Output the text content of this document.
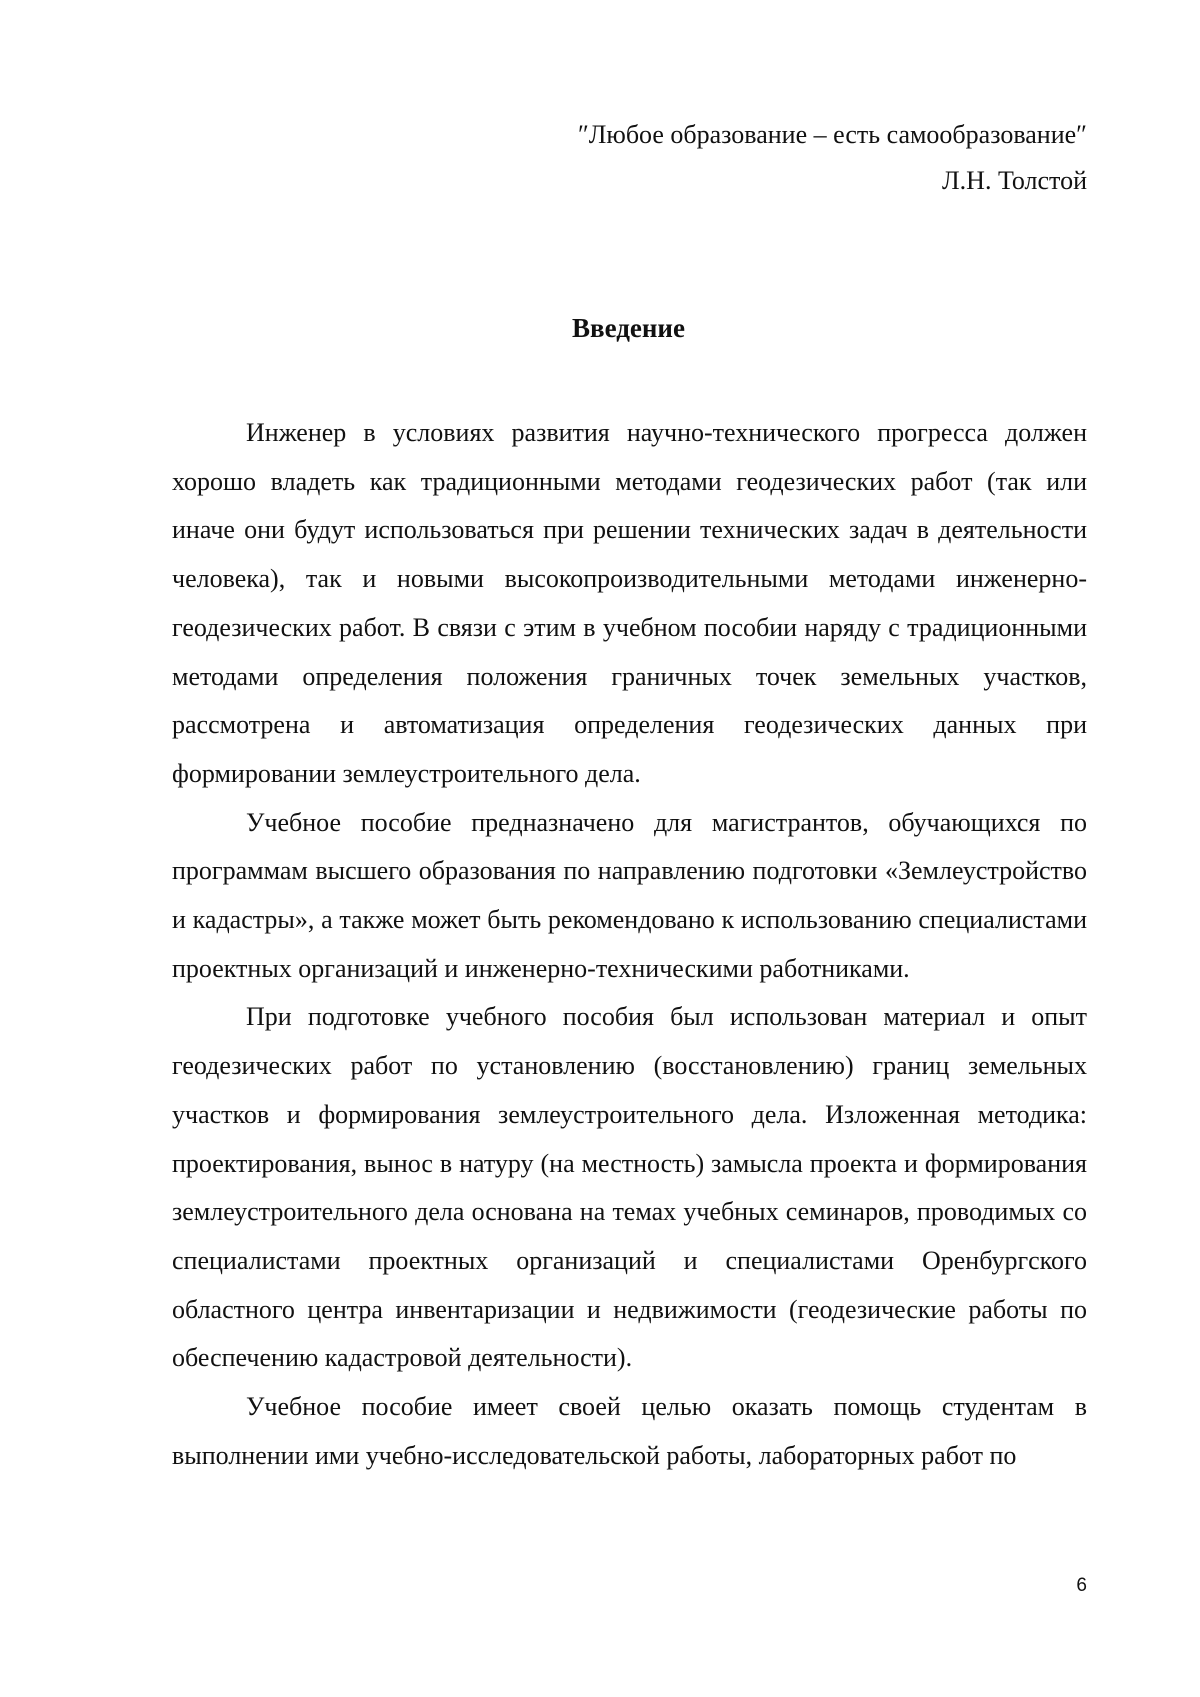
″Любое образование – есть самообразование″
Л.Н. Толстой
Введение

Инженер в условиях развития научно-технического прогресса должен хорошо владеть как традиционными методами геодезических работ (так или иначе они будут использоваться при решении технических задач в деятельности человека), так и новыми высокопроизводительными методами инженерно-геодезических работ. В связи с этим в учебном пособии наряду с традиционными методами определения положения граничных точек земельных участков, рассмотрена и автоматизация определения геодезических данных при формировании землеустроительного дела.

Учебное пособие предназначено для магистрантов, обучающихся по программам высшего образования по направлению подготовки «Землеустройство и кадастры», а также может быть рекомендовано к использованию специалистами проектных организаций и инженерно-техническими работниками.

При подготовке учебного пособия был использован материал и опыт геодезических работ по установлению (восстановлению) границ земельных участков и формирования землеустроительного дела. Изложенная методика: проектирования, вынос в натуру (на местность) замысла проекта и формирования землеустроительного дела основана на темах учебных семинаров, проводимых со специалистами проектных организаций и специалистами Оренбургского областного центра инвентаризации и недвижимости (геодезические работы по обеспечению кадастровой деятельности).

Учебное пособие имеет своей целью оказать помощь студентам в выполнении ими учебно-исследовательской работы, лабораторных работ по

6
